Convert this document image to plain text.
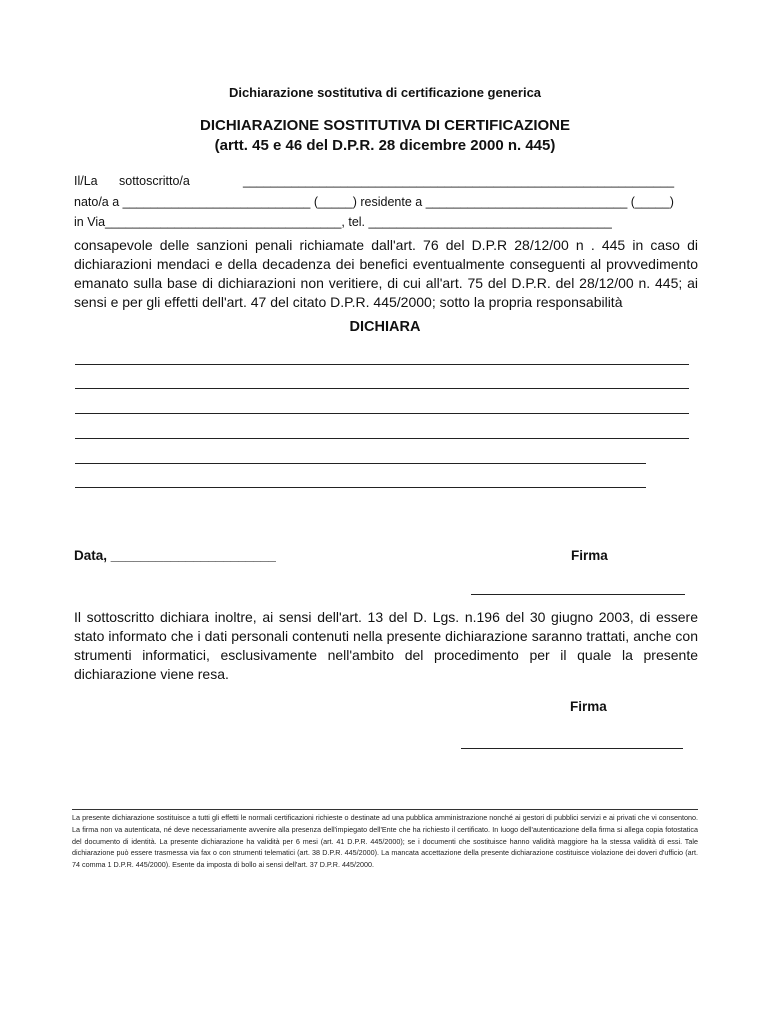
Dichiarazione sostitutiva di certificazione generica
DICHIARAZIONE SOSTITUTIVA DI CERTIFICAZIONE
(artt. 45 e 46 del D.P.R. 28 dicembre 2000 n. 445)
Il/La sottoscritto/a	______________________________________________________________
nato/a a ___________________________ (_____) residente a _____________________________ (_____)
in Via__________________________________, tel. ___________________________________
consapevole delle sanzioni penali richiamate dall'art. 76 del D.P.R 28/12/00 n . 445 in caso di dichiarazioni mendaci e della decadenza dei benefici eventualmente conseguenti al provvedimento emanato sulla base di dichiarazioni non veritiere, di cui all'art. 75 del D.P.R. del 28/12/00 n. 445; ai sensi e per gli effetti dell'art. 47 del citato D.P.R. 445/2000; sotto la propria responsabilità
DICHIARA
Data, ______________________	Firma
Il sottoscritto dichiara inoltre, ai sensi dell'art. 13 del D. Lgs. n.196 del 30 giugno 2003, di essere stato informato che i dati personali contenuti nella presente dichiarazione saranno trattati, anche con strumenti informatici, esclusivamente nell'ambito del procedimento per il quale la presente dichiarazione viene resa.
Firma
La presente dichiarazione sostituisce a tutti gli effetti le normali certificazioni richieste o destinate ad una pubblica amministrazione nonché ai gestori di pubblici servizi e ai privati che vi consentono. La firma non va autenticata, né deve necessariamente avvenire alla presenza dell'impiegato dell'Ente che ha richiesto il certificato. In luogo dell'autenticazione della firma si allega copia fotostatica del documento di identità. La presente dichiarazione ha validità per 6 mesi (art. 41 D.P.R. 445/2000); se i documenti che sostituisce hanno validità maggiore ha la stessa validità di essi. Tale dichiarazione può essere trasmessa via fax o con strumenti telematici (art. 38 D.P.R. 445/2000). La mancata accettazione della presente dichiarazione costituisce violazione dei doveri d'ufficio (art. 74 comma 1 D.P.R. 445/2000). Esente da imposta di bollo ai sensi dell'art. 37 D.P.R. 445/2000.
